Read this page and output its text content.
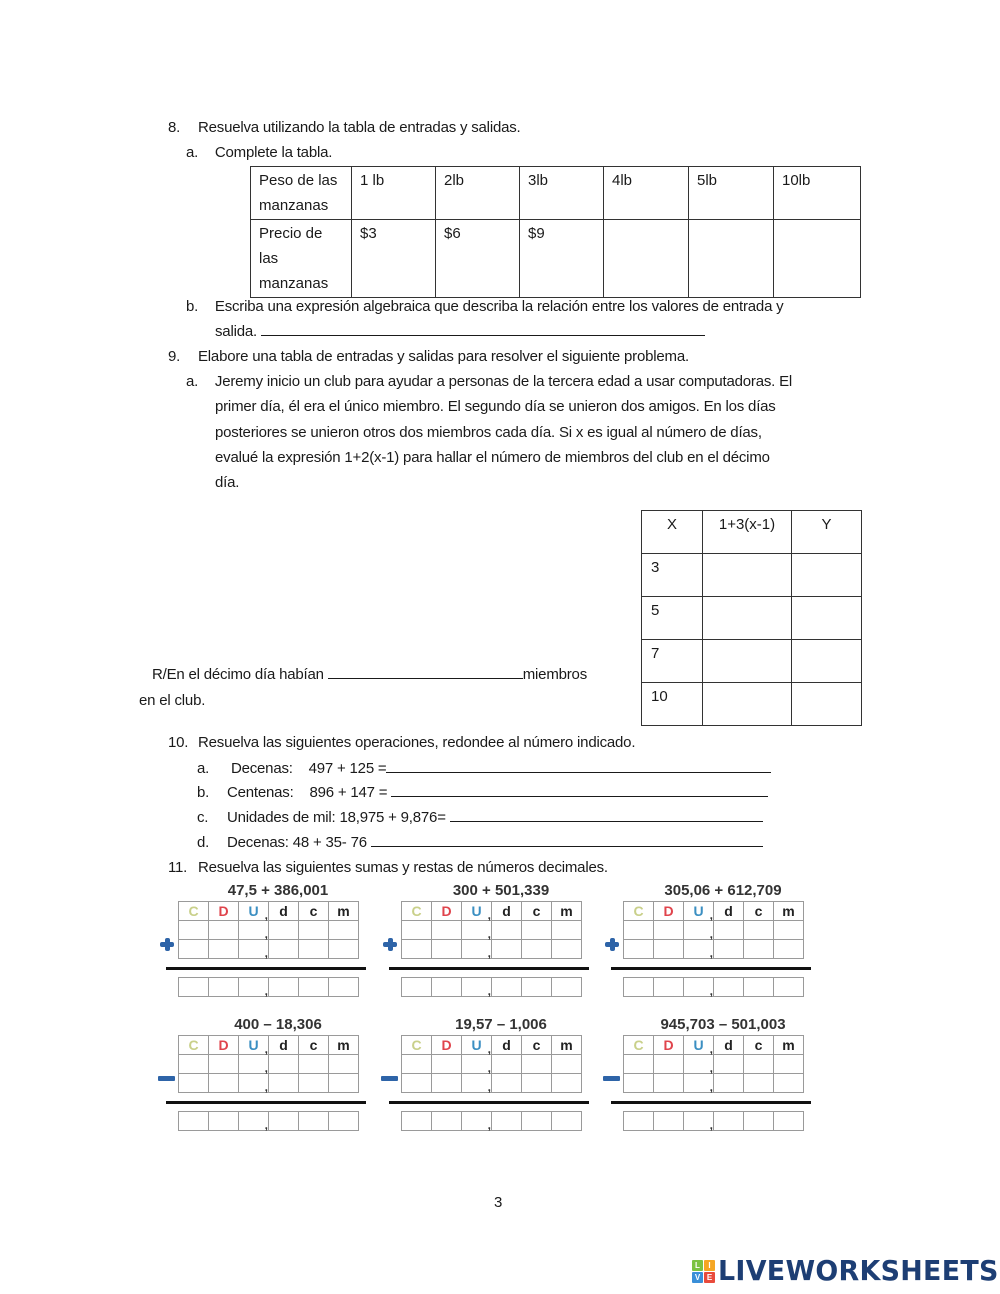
8. Resuelva utilizando la tabla de entradas y salidas.
a. Complete la tabla.
Peso de las manzanas	1 lb	2lb	3lb	4lb	5lb	10lb
Precio de las manzanas	$3	$6	$9			
b. Escriba una expresión algebraica que describa la relación entre los valores de entrada y
salida.
9. Elabore una tabla de entradas y salidas para resolver el siguiente problema.
a. Jeremy inicio un club para ayudar a personas de la tercera edad a usar computadoras. El
primer día, él era el único miembro. El segundo día se unieron dos amigos. En los días
posteriores se unieron otros dos miembros cada día. Si x es igual al número de días,
evalué la expresión 1+2(x-1) para hallar el número de miembros del club en el décimo
día.
X	1+3(x-1)	Y
3		
5		
7		
10		
R/En el décimo día habían	miembros
en el club.
10. Resuelva las siguientes operaciones, redondee al número indicado.
a. Decenas:    497 + 125 =
b. Centenas:    896 + 147 =
c. Unidades de mil: 18,975 + 9,876=
d. Decenas: 48 + 35- 76
11. Resuelva las siguientes sumas y restas de números decimales.
47,5 + 386,001
C	D	U ,	d	c	m
		,			
		,			
		,			
300 + 501,339
C	D	U ,	d	c	m
		,			
		,			
		,			
305,06 + 612,709
C	D	U ,	d	c	m
		,			
		,			
		,			
400 – 18,306
C	D	U ,	d	c	m
		,			
		,			
		,			
19,57 – 1,006
C	D	U ,	d	c	m
		,			
		,			
		,			
945,703 – 501,003
C	D	U ,	d	c	m
		,			
		,			
		,			
3
L	I
V E LIVEWORKSHEETS
